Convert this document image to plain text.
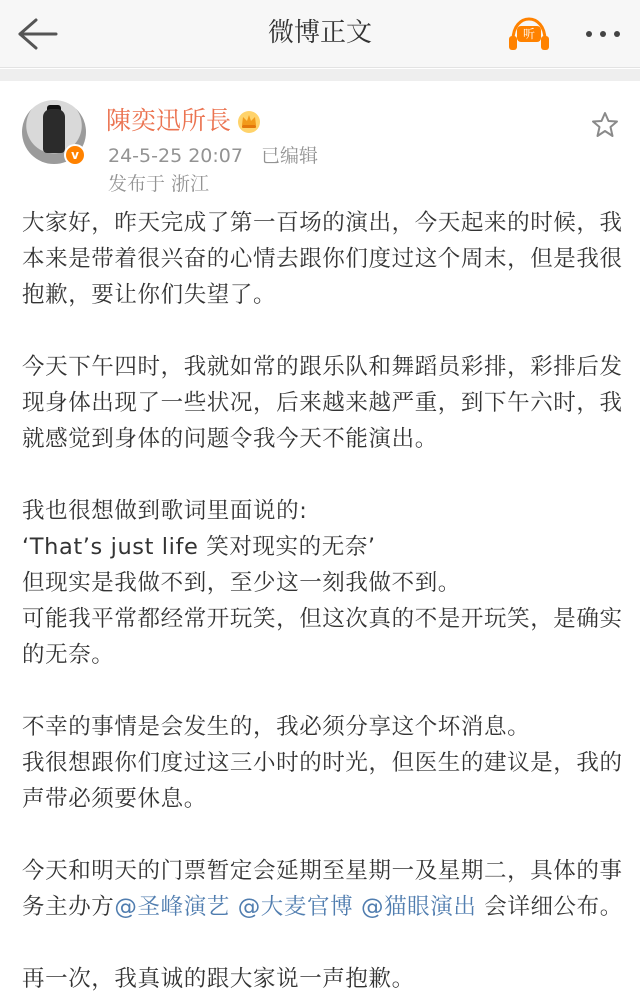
微博正文	听
v
陳奕迅所長
24-5-25 20:07 已编辑
发布于 浙江

大家好，昨天完成了第一百场的演出，今天起来的时候，我本来是带着很兴奋的心情去跟你们度过这个周末，但是我很抱歉，要让你们失望了。

今天下午四时，我就如常的跟乐队和舞蹈员彩排，彩排后发现身体出现了一些状况，后来越来越严重，到下午六时，我就感觉到身体的问题令我今天不能演出。

我也很想做到歌词里面说的:

‘That’s just life 笑对现实的无奈’

但现实是我做不到，至少这一刻我做不到。

可能我平常都经常开玩笑，但这次真的不是开玩笑，是确实的无奈。

不幸的事情是会发生的，我必须分享这个坏消息。

我很想跟你们度过这三小时的时光，但医生的建议是，我的声带必须要休息。

今天和明天的门票暂定会延期至星期一及星期二，具体的事务主办方@圣峰演艺 @大麦官博 @猫眼演出 会详细公布。

再一次，我真诚的跟大家说一声抱歉。
